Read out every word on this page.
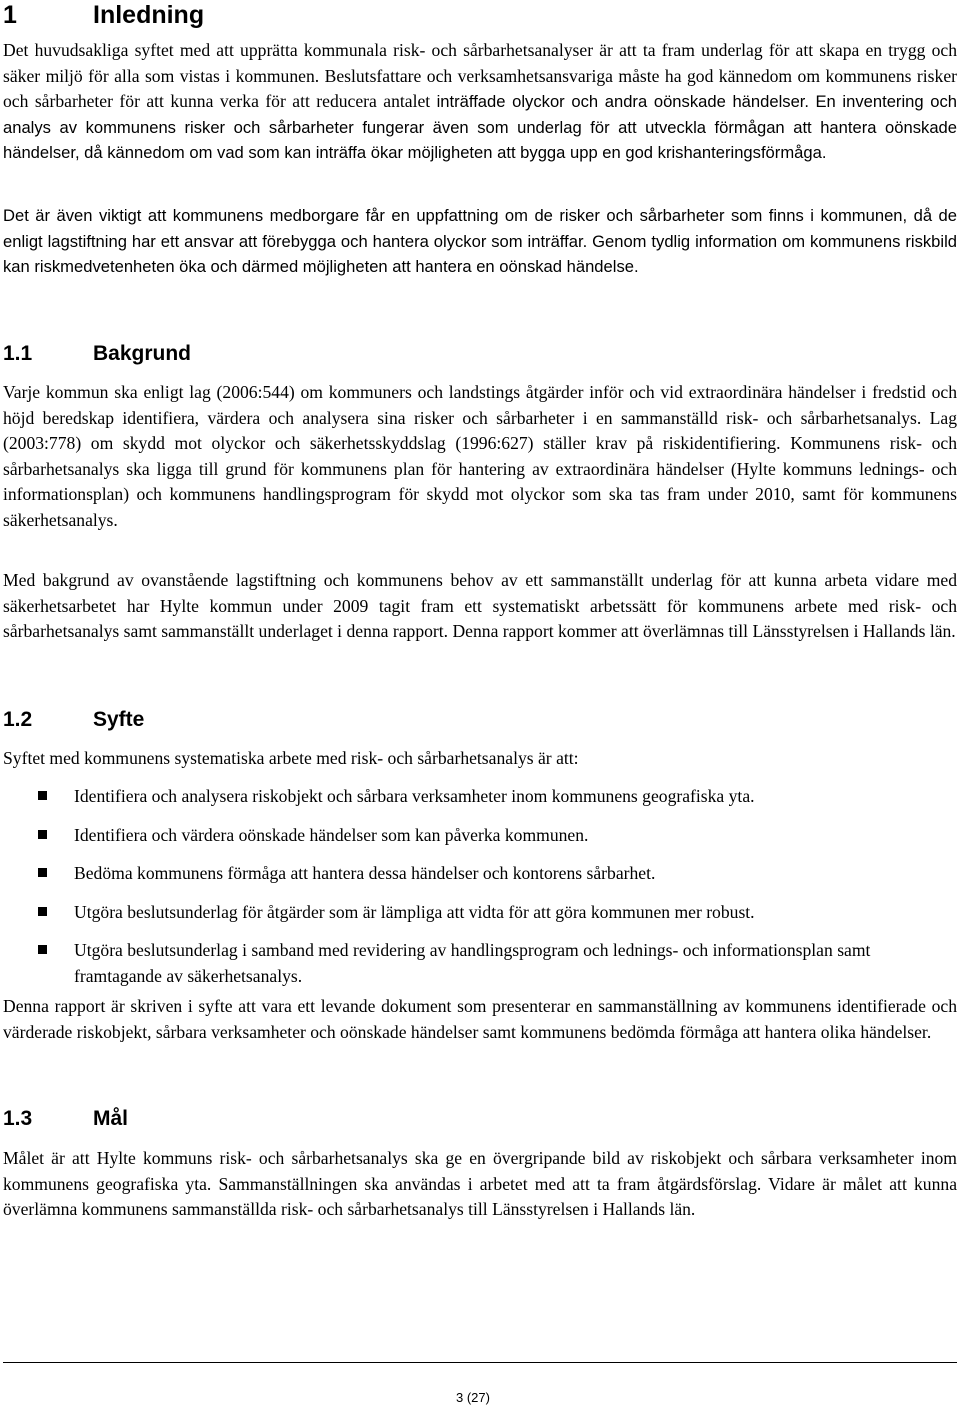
1	Inledning

Det huvudsakliga syftet med att upprätta kommunala risk- och sårbarhetsanalyser är att ta fram underlag för att skapa en trygg och säker miljö för alla som vistas i kommunen. Beslutsfattare och verksamhetsansvariga måste ha god kännedom om kommunens risker och sårbarheter för att kunna verka för att reducera antalet inträffade olyckor och andra oönskade händelser. En inventering och analys av kommunens risker och sårbarheter fungerar även som underlag för att utveckla förmågan att hantera oönskade händelser, då kännedom om vad som kan inträffa ökar möjligheten att bygga upp en god krishanteringsförmåga.

Det är även viktigt att kommunens medborgare får en uppfattning om de risker och sårbarheter som finns i kommunen, då de enligt lagstiftning har ett ansvar att förebygga och hantera olyckor som inträffar. Genom tydlig information om kommunens riskbild kan riskmedvetenheten öka och därmed möjligheten att hantera en oönskad händelse.

1.1	Bakgrund

Varje kommun ska enligt lag (2006:544) om kommuners och landstings åtgärder inför och vid extraordinära händelser i fredstid och höjd beredskap identifiera, värdera och analysera sina risker och sårbarheter i en sammanställd risk- och sårbarhetsanalys. Lag (2003:778) om skydd mot olyckor och säkerhetsskyddslag (1996:627) ställer krav på riskidentifiering. Kommunens risk- och sårbarhetsanalys ska ligga till grund för kommunens plan för hantering av extraordinära händelser (Hylte kommuns lednings- och informationsplan) och kommunens handlingsprogram för skydd mot olyckor som ska tas fram under 2010, samt för kommunens säkerhetsanalys.

Med bakgrund av ovanstående lagstiftning och kommunens behov av ett sammanställt underlag för att kunna arbeta vidare med säkerhetsarbetet har Hylte kommun under 2009 tagit fram ett systematiskt arbetssätt för kommunens arbete med risk- och sårbarhetsanalys samt sammanställt underlaget i denna rapport. Denna rapport kommer att överlämnas till Länsstyrelsen i Hallands län.

1.2	Syfte

Syftet med kommunens systematiska arbete med risk- och sårbarhetsanalys är att:

Identifiera och analysera riskobjekt och sårbara verksamheter inom kommunens geografiska yta.
Identifiera och värdera oönskade händelser som kan påverka kommunen.
Bedöma kommunens förmåga att hantera dessa händelser och kontorens sårbarhet.
Utgöra beslutsunderlag för åtgärder som är lämpliga att vidta för att göra kommunen mer robust.
Utgöra beslutsunderlag i samband med revidering av handlingsprogram och lednings- och informationsplan samt framtagande av säkerhetsanalys.

Denna rapport är skriven i syfte att vara ett levande dokument som presenterar en sammanställning av kommunens identifierade och värderade riskobjekt, sårbara verksamheter och oönskade händelser samt kommunens bedömda förmåga att hantera olika händelser.

1.3	Mål

Målet är att Hylte kommuns risk- och sårbarhetsanalys ska ge en övergripande bild av riskobjekt och sårbara verksamheter inom kommunens geografiska yta. Sammanställningen ska användas i arbetet med att ta fram åtgärdsförslag. Vidare är målet att kunna överlämna kommunens sammanställda risk- och sårbarhetsanalys till Länsstyrelsen i Hallands län.

3 (27)
